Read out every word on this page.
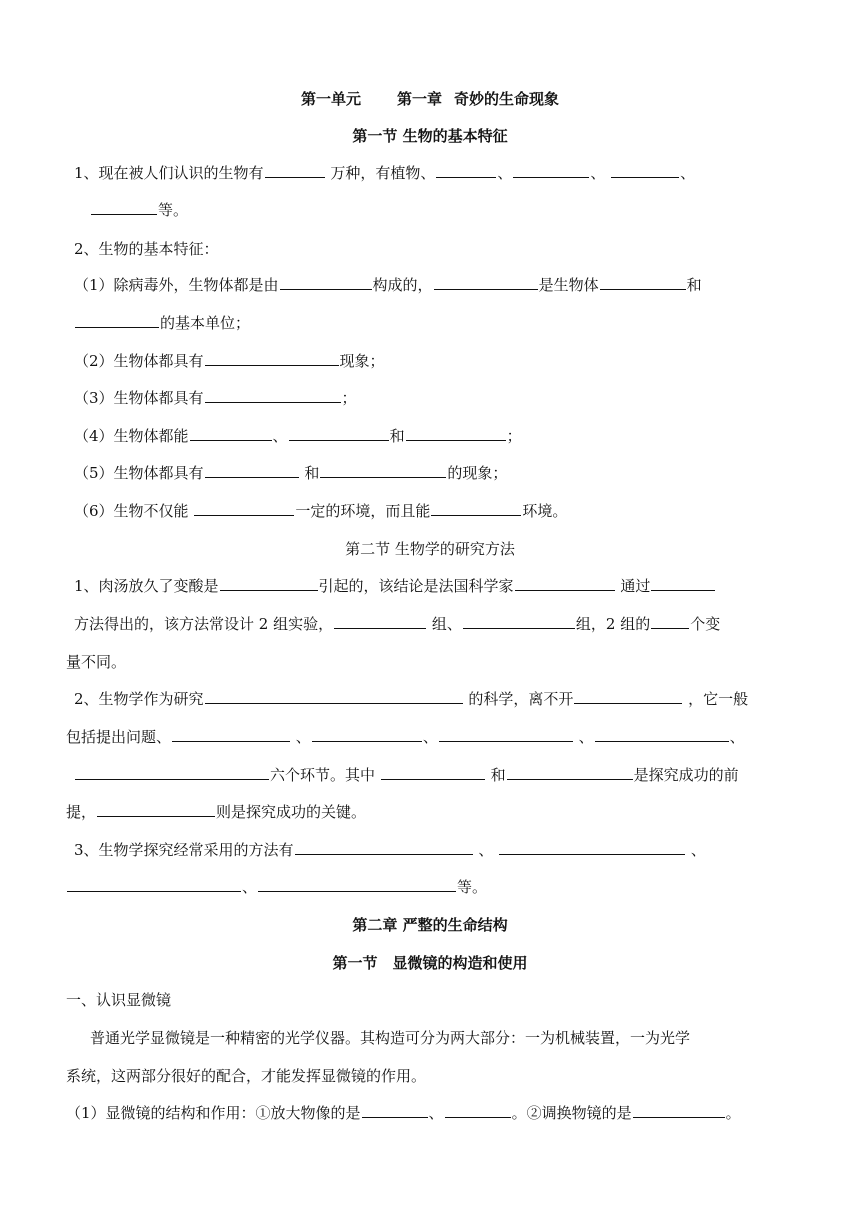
第一单元 第一章 奇妙的生命现象
第一节 生物的基本特征
1、现在被人们认识的生物有	万种，有植物、	、	、	、
等。
2、生物的基本特征：
（1）除病毒外，生物体都是由	构成的，	是生物体	和
的基本单位；
（2）生物体都具有	现象；
（3）生物体都具有	；
（4）生物体都能	、	和	；
（5）生物体都具有	和	的现象；
（6）生物不仅能	一定的环境，而且能	环境。
第二节 生物学的研究方法
1、肉汤放久了变酸是	引起的，该结论是法国科学家	通过
方法得出的，该方法常设计 2 组实验，	组、	组，2 组的	个变
量不同。
2、生物学作为研究	的科学，离不开	，它一般
包括提出问题、	、	、	、	、
六个环节。其中	和	是探究成功的前
提，	则是探究成功的关键。
3、生物学探究经常采用的方法有	、	、
、	等。
第二章 严整的生命结构
第一节　显微镜的构造和使用
一、认识显微镜
普通光学显微镜是一种精密的光学仪器。其构造可分为两大部分：一为机械装置，一为光学
系统，这两部分很好的配合，才能发挥显微镜的作用。
（1）显微镜的结构和作用：①放大物像的是	、	。②调换物镜的是	。
